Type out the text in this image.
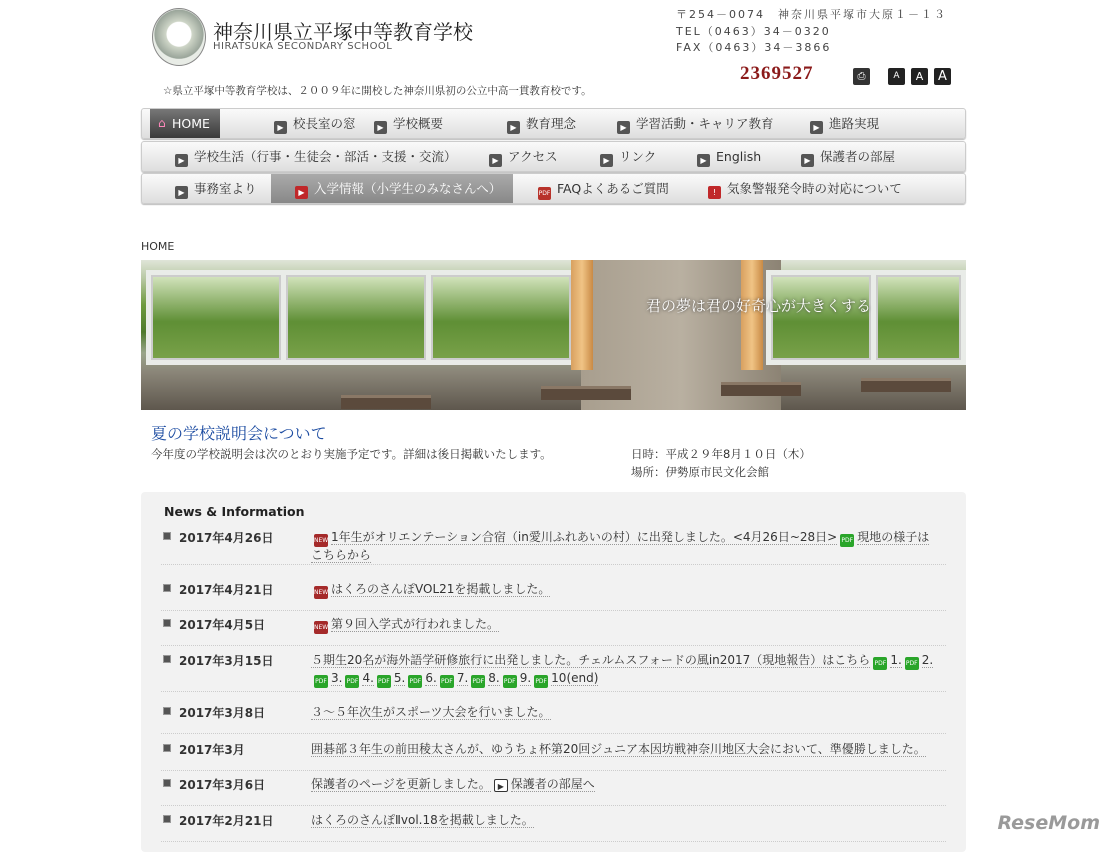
神奈川県立平塚中等教育学校
HIRATSUKA SECONDARY SCHOOL
〒254－0074　神奈川県平塚市大原１－１３
TEL（0463）34－0320
FAX（0463）34－3866
2369527	⎙	A	A	A
☆県立平塚中等教育学校は、２００９年に開校した神奈川県初の公立中高一貫教育校です。
⌂ HOME	▶ 校長室の窓	▶ 学校概要	▶ 教育理念	▶ 学習活動・キャリア教育	▶ 進路実現
▶ 学校生活（行事・生徒会・部活・支援・交流）	▶ アクセス	▶ リンク	▶ English	▶ 保護者の部屋
▶ 事務室より	▶ 入学情報（小学生のみなさんへ）	PDF FAQよくあるご質問	! 気象警報発令時の対応について
HOME
君の夢は君の好奇心が大きくする
夏の学校説明会について
今年度の学校説明会は次のとおり実施予定です。詳細は後日掲載いたします。	日時：平成２９年8月１０日（木）
場所：伊勢原市民文化会館
News & Information
2017年4月26日	NEW 1年生がオリエンテーション合宿（in愛川ふれあいの村）に出発しました。<4月26日~28日> PDF 現地の様子はこちらから
2017年4月21日	NEW はくろのさんぽVOL21を掲載しました。
2017年4月5日	NEW 第９回入学式が行われました。
2017年3月15日	５期生20名が海外語学研修旅行に出発しました。チェルムスフォードの風in2017（現地報告）はこちら PDF 1. PDF 2.PDF 3. PDF 4. PDF 5. PDF 6. PDF 7. PDF 8. PDF 9. PDF 10(end)
2017年3月8日	３～５年次生がスポーツ大会を行いました。
2017年3月	囲碁部３年生の前田稜太さんが、ゆうちょ杯第20回ジュニア本因坊戦神奈川地区大会において、準優勝しました。
2017年3月6日	保護者のページを更新しました。 ▶ 保護者の部屋へ
2017年2月21日	はくろのさんぽⅡvol.18を掲載しました。	ReseMom
